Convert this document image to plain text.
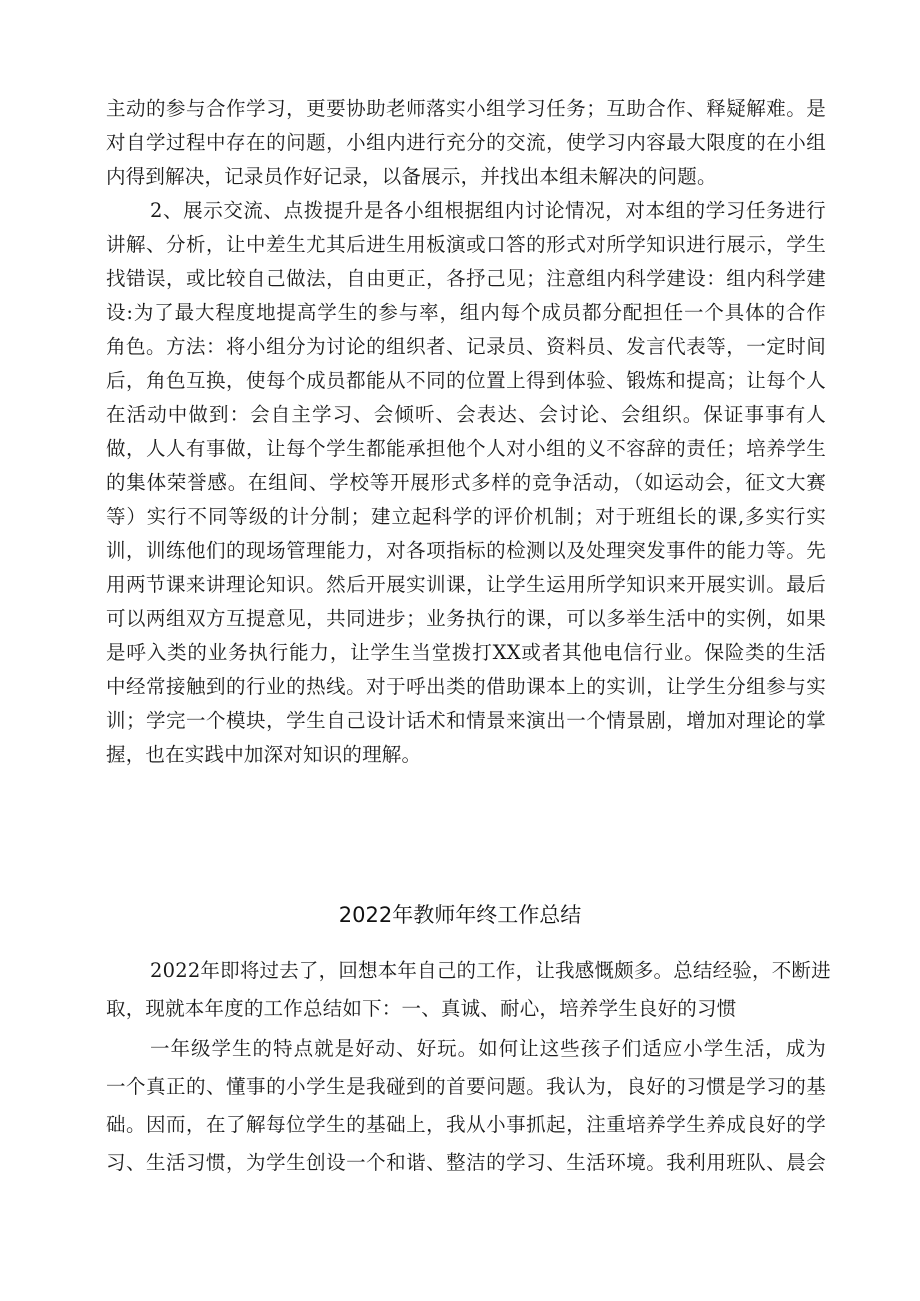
主动的参与合作学习，更要协助老师落实小组学习任务；互助合作、释疑解难。是
对自学过程中存在的问题，小组内进行充分的交流，使学习内容最大限度的在小组
内得到解决，记录员作好记录，以备展示，并找出本组未解决的问题。
2、展示交流、点拨提升是各小组根据组内讨论情况，对本组的学习任务进行
讲解、分析，让中差生尤其后进生用板演或口答的形式对所学知识进行展示，学生
找错误，或比较自己做法，自由更正，各抒己见；注意组内科学建设：组内科学建
设:为了最大程度地提高学生的参与率，组内每个成员都分配担任一个具体的合作
角色。方法：将小组分为讨论的组织者、记录员、资料员、发言代表等，一定时间
后，角色互换，使每个成员都能从不同的位置上得到体验、锻炼和提高；让每个人
在活动中做到：会自主学习、会倾听、会表达、会讨论、会组织。保证事事有人
做，人人有事做，让每个学生都能承担他个人对小组的义不容辞的责任；培养学生
的集体荣誉感。在组间、学校等开展形式多样的竞争活动，（如运动会，征文大赛
等）实行不同等级的计分制；建立起科学的评价机制；对于班组长的课,多实行实
训，训练他们的现场管理能力，对各项指标的检测以及处理突发事件的能力等。先
用两节课来讲理论知识。然后开展实训课，让学生运用所学知识来开展实训。最后
可以两组双方互提意见，共同进步；业务执行的课，可以多举生活中的实例，如果
是呼入类的业务执行能力，让学生当堂拨打XX或者其他电信行业。保险类的生活
中经常接触到的行业的热线。对于呼出类的借助课本上的实训，让学生分组参与实
训；学完一个模块，学生自己设计话术和情景来演出一个情景剧，增加对理论的掌
握，也在实践中加深对知识的理解。
2022年教师年终工作总结
2022年即将过去了，回想本年自己的工作，让我感慨颇多。总结经验，不断进
取，现就本年度的工作总结如下：一、真诚、耐心，培养学生良好的习惯
一年级学生的特点就是好动、好玩。如何让这些孩子们适应小学生活，成为
一个真正的、懂事的小学生是我碰到的首要问题。我认为，良好的习惯是学习的基
础。因而，在了解每位学生的基础上，我从小事抓起，注重培养学生养成良好的学
习、生活习惯，为学生创设一个和谐、整洁的学习、生活环境。我利用班队、晨会
